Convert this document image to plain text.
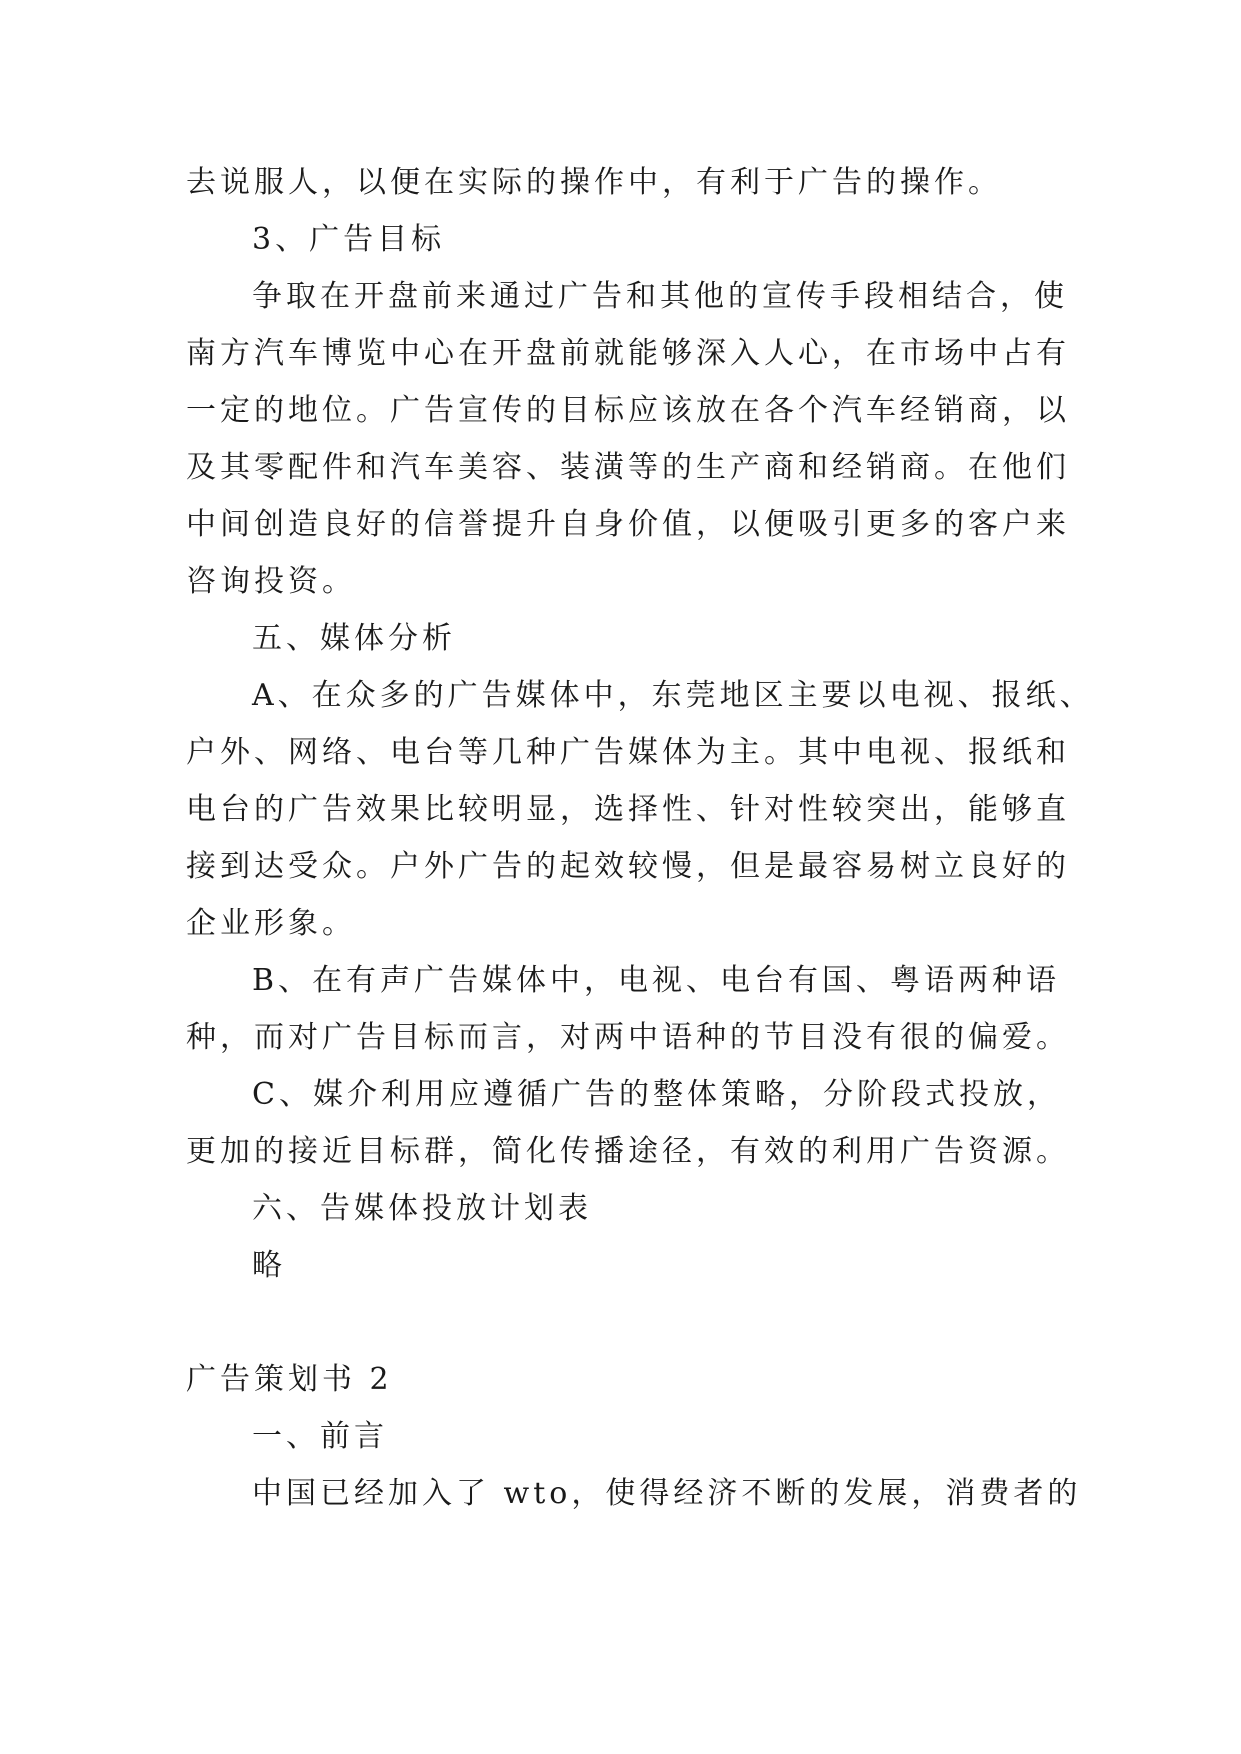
去说服人，以便在实际的操作中，有利于广告的操作。
3、广告目标
争取在开盘前来通过广告和其他的宣传手段相结合，使
南方汽车博览中心在开盘前就能够深入人心，在市场中占有
一定的地位。广告宣传的目标应该放在各个汽车经销商，以
及其零配件和汽车美容、装潢等的生产商和经销商。在他们
中间创造良好的信誉提升自身价值，以便吸引更多的客户来
咨询投资。
五、媒体分析
A、在众多的广告媒体中，东莞地区主要以电视、报纸、
户外、网络、电台等几种广告媒体为主。其中电视、报纸和
电台的广告效果比较明显，选择性、针对性较突出，能够直
接到达受众。户外广告的起效较慢，但是最容易树立良好的
企业形象。
B、在有声广告媒体中，电视、电台有国、粤语两种语
种，而对广告目标而言，对两中语种的节目没有很的偏爱。
C、媒介利用应遵循广告的整体策略，分阶段式投放，
更加的接近目标群，简化传播途径，有效的利用广告资源。
六、告媒体投放计划表
略
广告策划书 2
一、前言
中国已经加入了 wto，使得经济不断的发展，消费者的
